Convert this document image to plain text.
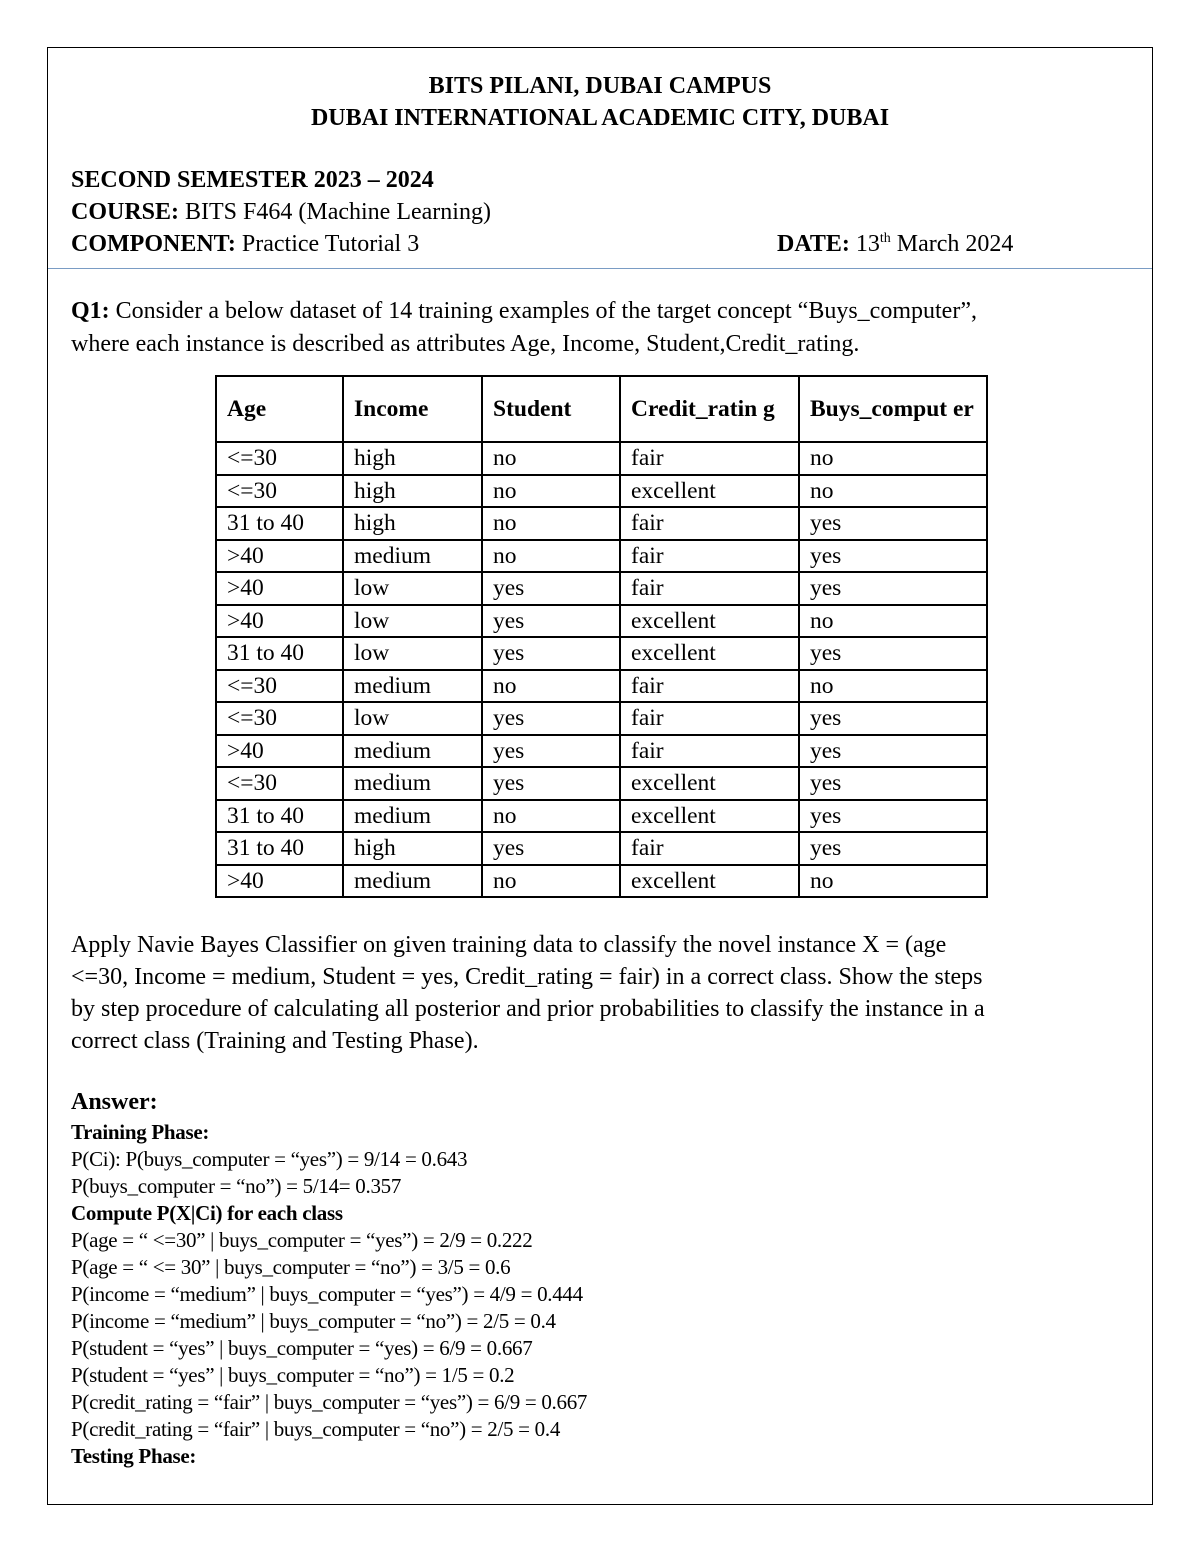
BITS PILANI, DUBAI CAMPUS
DUBAI INTERNATIONAL ACADEMIC CITY, DUBAI
SECOND SEMESTER 2023 – 2024
COURSE: BITS F464 (Machine Learning)
COMPONENT: Practice Tutorial 3	DATE: 13th March 2024
Q1: Consider a below dataset of 14 training examples of the target concept “Buys_computer”,
where each instance is described as attributes Age, Income, Student,Credit_rating.
Age	Income	Student	Credit_ratin g	Buys_comput er
<=30	high	no	fair	no
<=30	high	no	excellent	no
31 to 40	high	no	fair	yes
>40	medium	no	fair	yes
>40	low	yes	fair	yes
>40	low	yes	excellent	no
31 to 40	low	yes	excellent	yes
<=30	medium	no	fair	no
<=30	low	yes	fair	yes
>40	medium	yes	fair	yes
<=30	medium	yes	excellent	yes
31 to 40	medium	no	excellent	yes
31 to 40	high	yes	fair	yes
>40	medium	no	excellent	no
Apply Navie Bayes Classifier on given training data to classify the novel instance X = (age
<=30, Income = medium, Student = yes, Credit_rating = fair) in a correct class. Show the steps
by step procedure of calculating all posterior and prior probabilities to classify the instance in a
correct class (Training and Testing Phase).
Answer:
Training Phase:
P(Ci): P(buys_computer = “yes”) = 9/14 = 0.643
P(buys_computer = “no”) = 5/14= 0.357
Compute P(X|Ci) for each class
P(age = “ <=30” | buys_computer = “yes”) = 2/9 = 0.222
P(age = “ <= 30” | buys_computer = “no”) = 3/5 = 0.6
P(income = “medium” | buys_computer = “yes”) = 4/9 = 0.444
P(income = “medium” | buys_computer = “no”) = 2/5 = 0.4
P(student = “yes” | buys_computer = “yes) = 6/9 = 0.667
P(student = “yes” | buys_computer = “no”) = 1/5 = 0.2
P(credit_rating = “fair” | buys_computer = “yes”) = 6/9 = 0.667
P(credit_rating = “fair” | buys_computer = “no”) = 2/5 = 0.4
Testing Phase:
